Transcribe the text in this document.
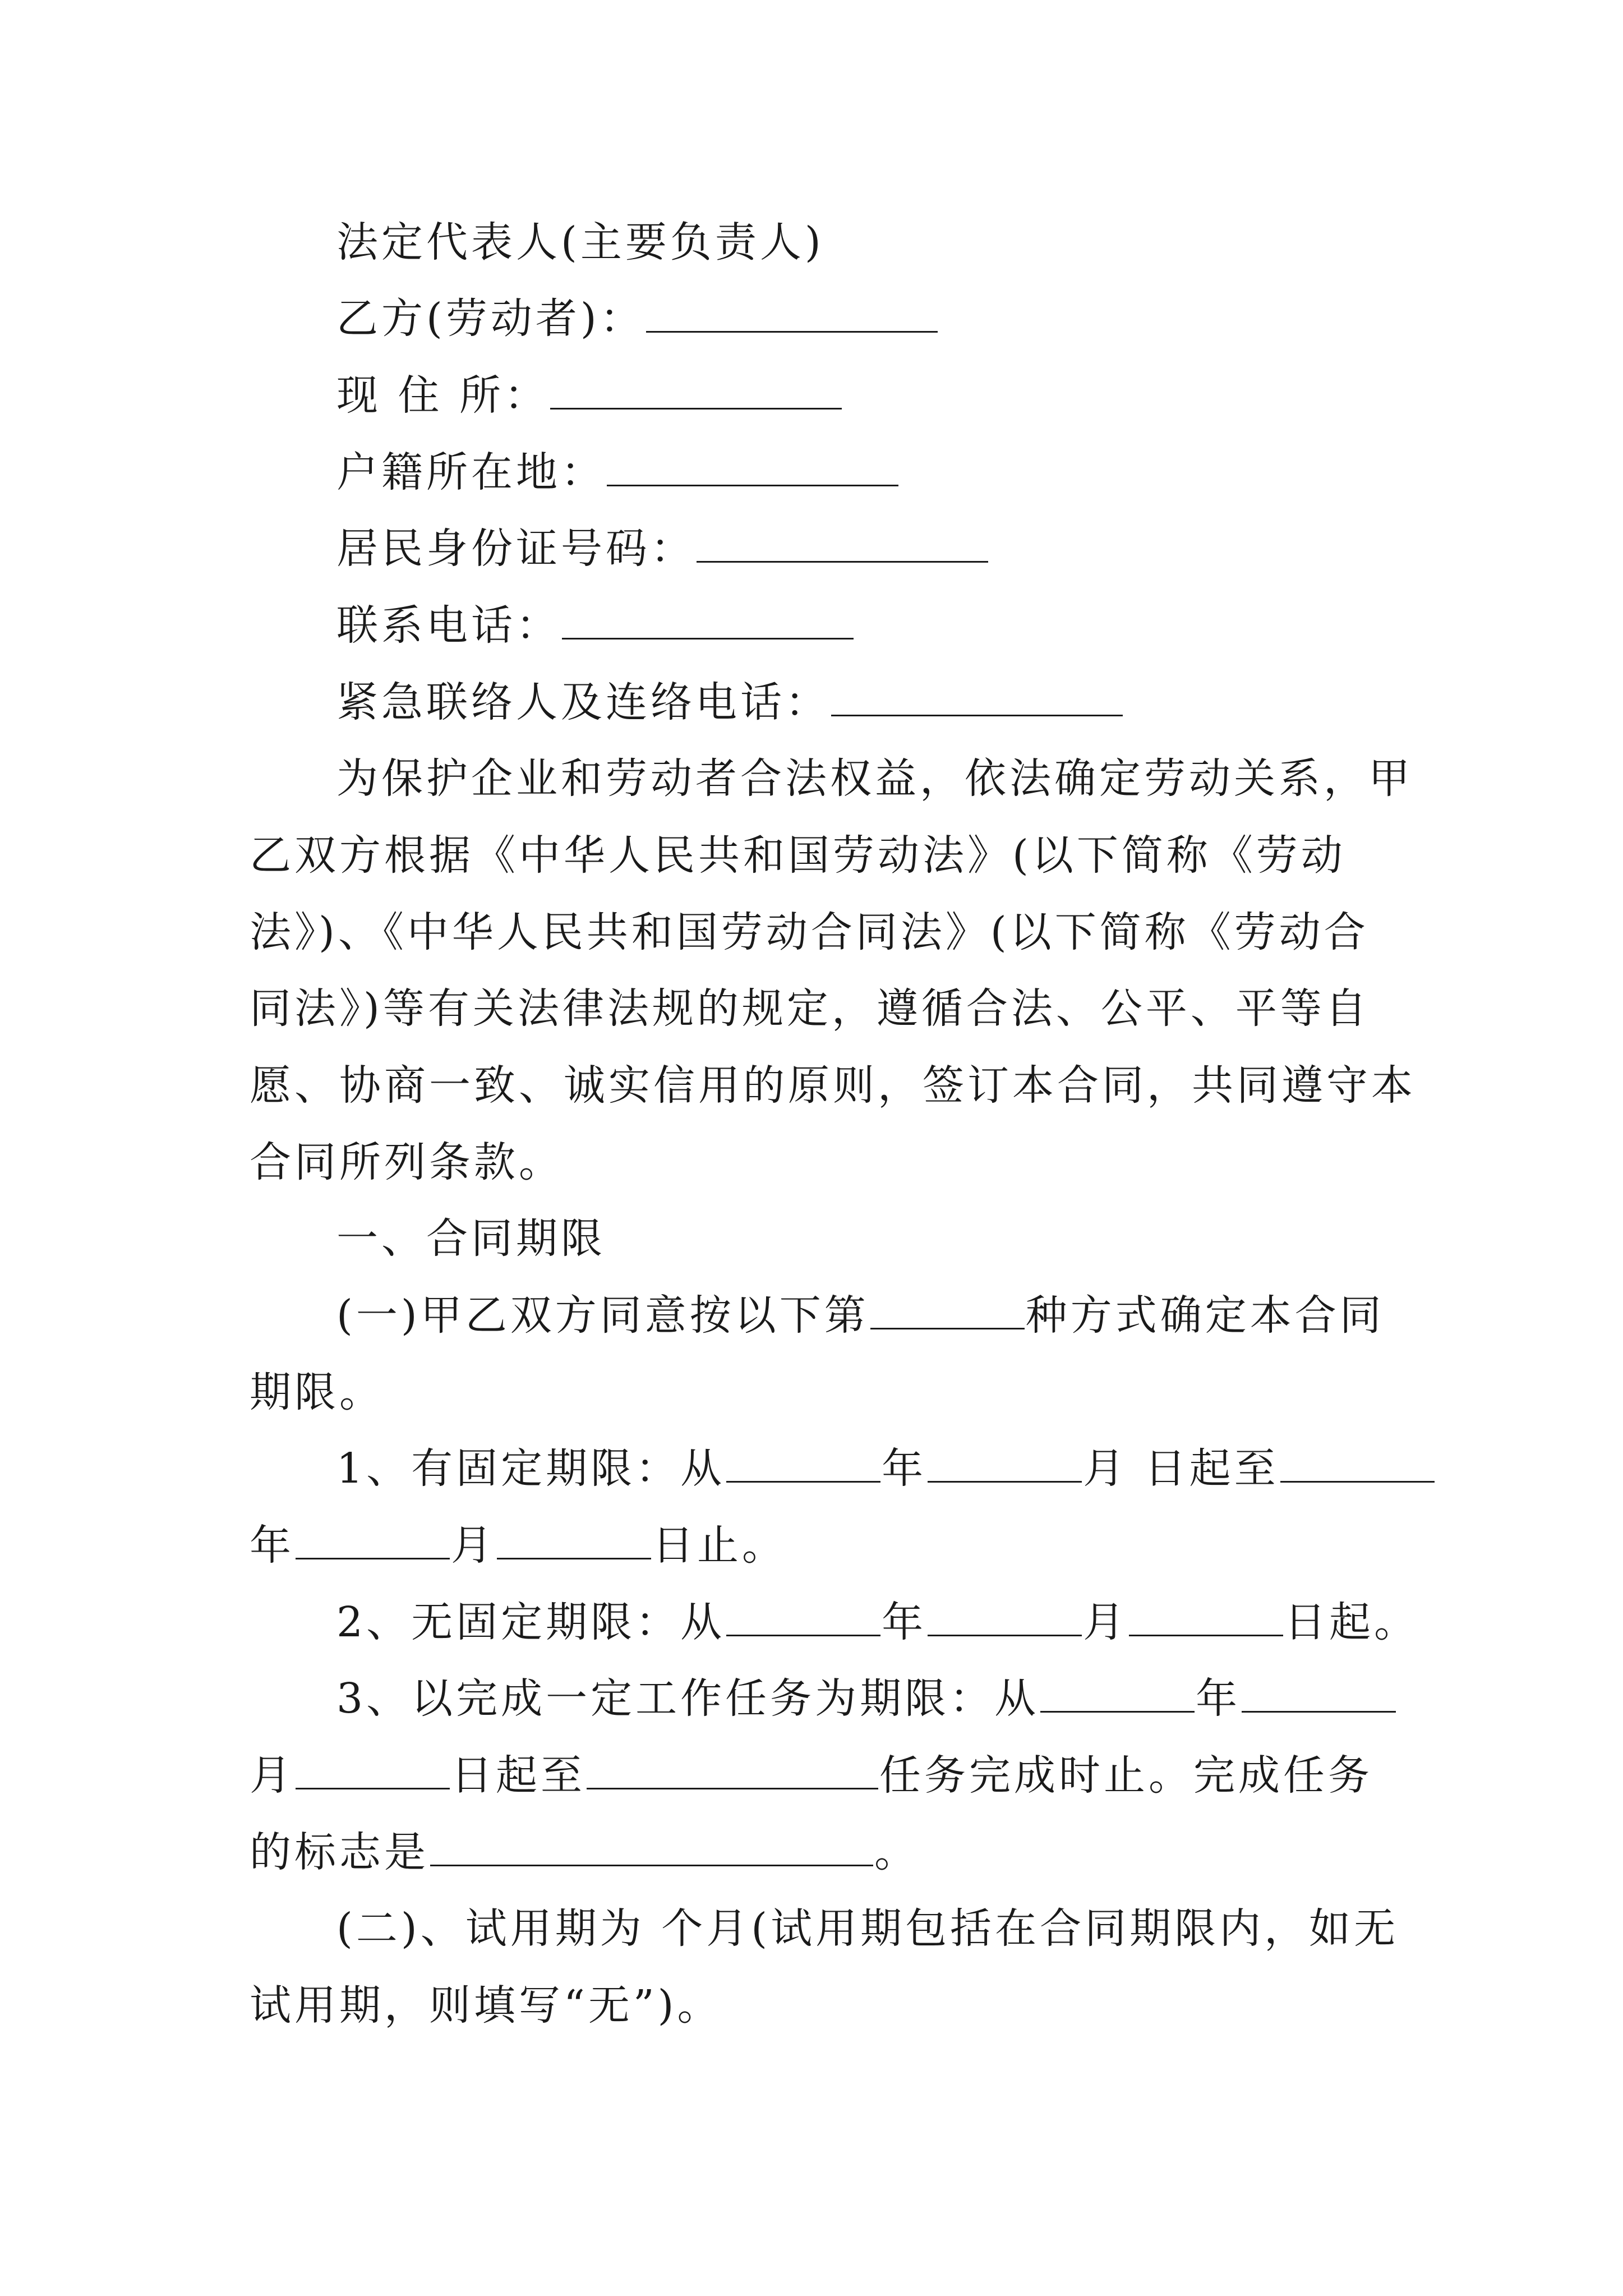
法定代表人(主要负责人)
乙方(劳动者)：
现 住 所：
户籍所在地：
居民身份证号码：
联系电话：
紧急联络人及连络电话：
为保护企业和劳动者合法权益，依法确定劳动关系，甲
乙双方根据《中华人民共和国劳动法》(以下简称《劳动
法》)、《中华人民共和国劳动合同法》(以下简称《劳动合
同法》)等有关法律法规的规定，遵循合法、公平、平等自
愿、协商一致、诚实信用的原则，签订本合同，共同遵守本
合同所列条款。
一、合同期限
(一)甲乙双方同意按以下第	种方式确定本合同
期限。
1、有固定期限：从	年	月 日起至
年	月	日止。
2、无固定期限：从	年	月	日起。
3、以完成一定工作任务为期限：从	年
月	日起至	任务完成时止。完成任务
的标志是	。
(二)、试用期为 个月(试用期包括在合同期限内，如无
试用期，则填写“无”)。
